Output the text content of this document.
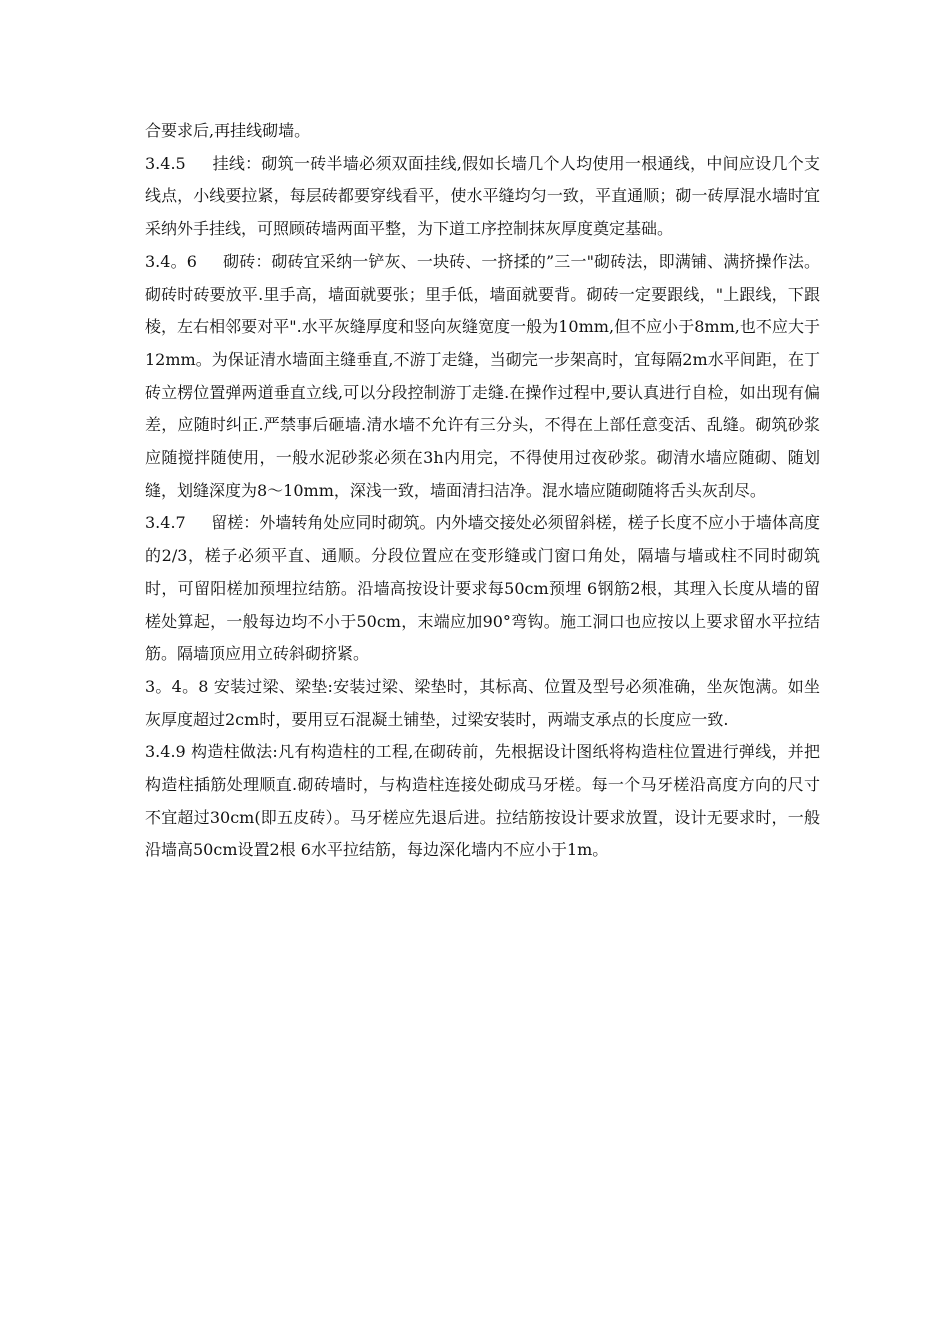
合要求后,再挂线砌墙。

3.4.5 挂线：砌筑一砖半墙必须双面挂线,假如长墙几个人均使用一根通线，中间应设几个支线点，小线要拉紧，每层砖都要穿线看平，使水平缝均匀一致，平直通顺；砌一砖厚混水墙时宜采纳外手挂线，可照顾砖墙两面平整，为下道工序控制抹灰厚度奠定基础。

3.4。6 砌砖：砌砖宜采纳一铲灰、一块砖、一挤揉的”三一"砌砖法，即满铺、满挤操作法。砌砖时砖要放平.里手高，墙面就要张；里手低，墙面就要背。砌砖一定要跟线，"上跟线，下跟棱，左右相邻要对平".水平灰缝厚度和竖向灰缝宽度一般为10mm,但不应小于8mm,也不应大于12mm。为保证清水墙面主缝垂直,不游丁走缝，当砌完一步架高时，宜每隔2m水平间距，在丁砖立楞位置弹两道垂直立线,可以分段控制游丁走缝.在操作过程中,要认真进行自检，如出现有偏差，应随时纠正.严禁事后砸墙.清水墙不允许有三分头，不得在上部任意变活、乱缝。砌筑砂浆应随搅拌随使用，一般水泥砂浆必须在3h内用完，不得使用过夜砂浆。砌清水墙应随砌、随划缝，划缝深度为8～10mm，深浅一致，墙面清扫洁净。混水墙应随砌随将舌头灰刮尽。

3.4.7 留槎：外墙转角处应同时砌筑。内外墙交接处必须留斜槎，槎子长度不应小于墙体高度的2/3，槎子必须平直、通顺。分段位置应在变形缝或门窗口角处，隔墙与墙或柱不同时砌筑时，可留阳槎加预埋拉结筋。沿墙高按设计要求每50cm预埋 6钢筋2根，其理入长度从墙的留槎处算起，一般每边均不小于50cm，末端应加90°弯钩。施工洞口也应按以上要求留水平拉结筋。隔墙顶应用立砖斜砌挤紧。

3。4。8 安装过梁、梁垫:安装过梁、梁垫时，其标高、位置及型号必须准确，坐灰饱满。如坐灰厚度超过2cm时，要用豆石混凝土铺垫，过梁安装时，两端支承点的长度应一致.

3.4.9 构造柱做法:凡有构造柱的工程,在砌砖前，先根据设计图纸将构造柱位置进行弹线，并把构造柱插筋处理顺直.砌砖墙时，与构造柱连接处砌成马牙槎。每一个马牙槎沿高度方向的尺寸不宜超过30cm(即五皮砖）。马牙槎应先退后进。拉结筋按设计要求放置，设计无要求时，一般沿墙高50cm设置2根 6水平拉结筋，每边深化墙内不应小于1m。
